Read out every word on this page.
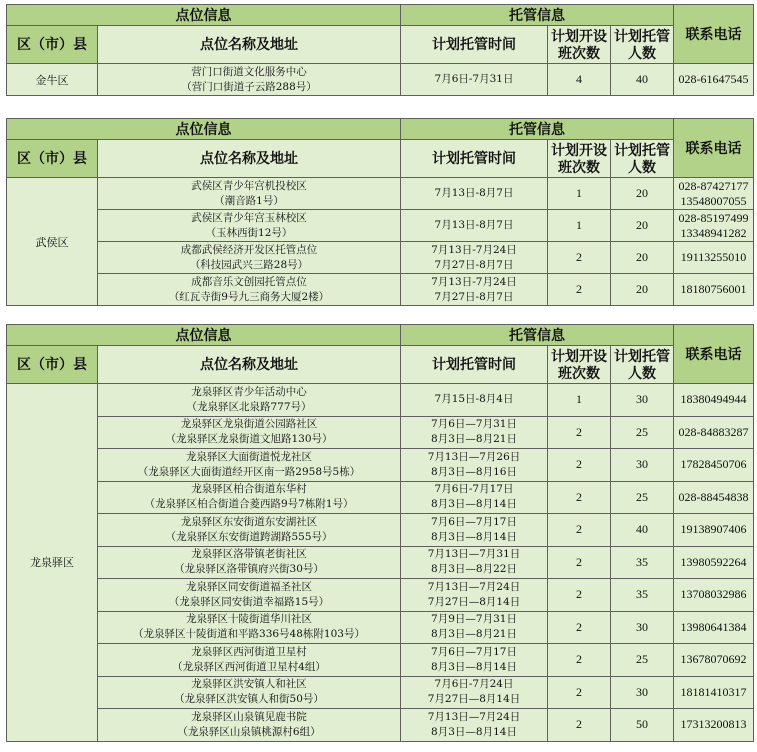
点位信息		托管信息			联系电话
区（市）县	点位名称及地址	计划托管时间	计划开设
班次数	计划托管
人数	
金牛区	营门口街道文化服务中心
（营门口街道子云路288号）	7月6日-7月31日	4	40	028-61647545
点位信息		托管信息			联系电话
区（市）县	点位名称及地址	计划托管时间	计划开设
班次数	计划托管
人数	
武侯区	武侯区青少年宫机投校区
（潮音路1号）	7月13日-8月7日	1	20	028-87427177
13548007055
	武侯区青少年宫玉林校区
（玉林西街12号）	7月13日-8月7日	1	20	028-85197499
13348941282
	成都武侯经济开发区托管点位
（科技园武兴三路28号）	7月13日-7月24日
7月27日-8月7日	2	20	19113255010
	成都音乐文创园托管点位
（红瓦寺街9号九三商务大厦2楼）	7月13日-7月24日
7月27日-8月7日	2	20	18180756001
点位信息		托管信息			联系电话
区（市）县	点位名称及地址	计划托管时间	计划开设
班次数	计划托管
人数	
龙泉驿区	龙泉驿区青少年活动中心
（龙泉驿区北泉路777号）	7月15日-8月4日	1	30	18380494944
	龙泉驿区龙泉街道公园路社区
（龙泉驿区龙泉街道文旭路130号）	7月6日—7月31日
8月3日—8月21日	2	25	028-84883287
	龙泉驿区大面街道悦龙社区
（龙泉驿区大面街道经开区南一路2958号5栋）	7月13日—7月26日
8月3日—8月16日	2	30	17828450706
	龙泉驿区柏合街道东华村
（龙泉驿区柏合街道合菱西路9号7栋附1号）	7月6日-7月17日
8月3日—8月14日	2	25	028-88454838
	龙泉驿区东安街道东安湖社区
（龙泉驿区东安街道跨湖路555号）	7月6日—7月17日
8月3日—8月14日	2	40	19138907406
	龙泉驿区洛带镇老街社区
（龙泉驿区洛带镇府兴街30号）	7月13日—7月31日
8月3日—8月22日	2	35	13980592264
	龙泉驿区同安街道福圣社区
（龙泉驿区同安街道幸福路15号）	7月13日—7月24日
7月27日—8月14日	2	35	13708032986
	龙泉驿区十陵街道华川社区
（龙泉驿区十陵街道和平路336号48栋附103号）	7月9日—7月31日
8月3日—8月21日	2	30	13980641384
	龙泉驿区西河街道卫星村
（龙泉驿区西河街道卫星村4组）	7月6日—7月17日
8月3日—8月14日	2	25	13678070692
	龙泉驿区洪安镇人和社区
（龙泉驿区洪安镇人和街50号）	7月6日-7月24日
7月27日—8月14日	2	30	18181410317
	龙泉驿区山泉镇见鹿书院
（龙泉驿区山泉镇桃源村6组）	7月13日—7月24日
8月3日—8月14日	2	50	17313200813
